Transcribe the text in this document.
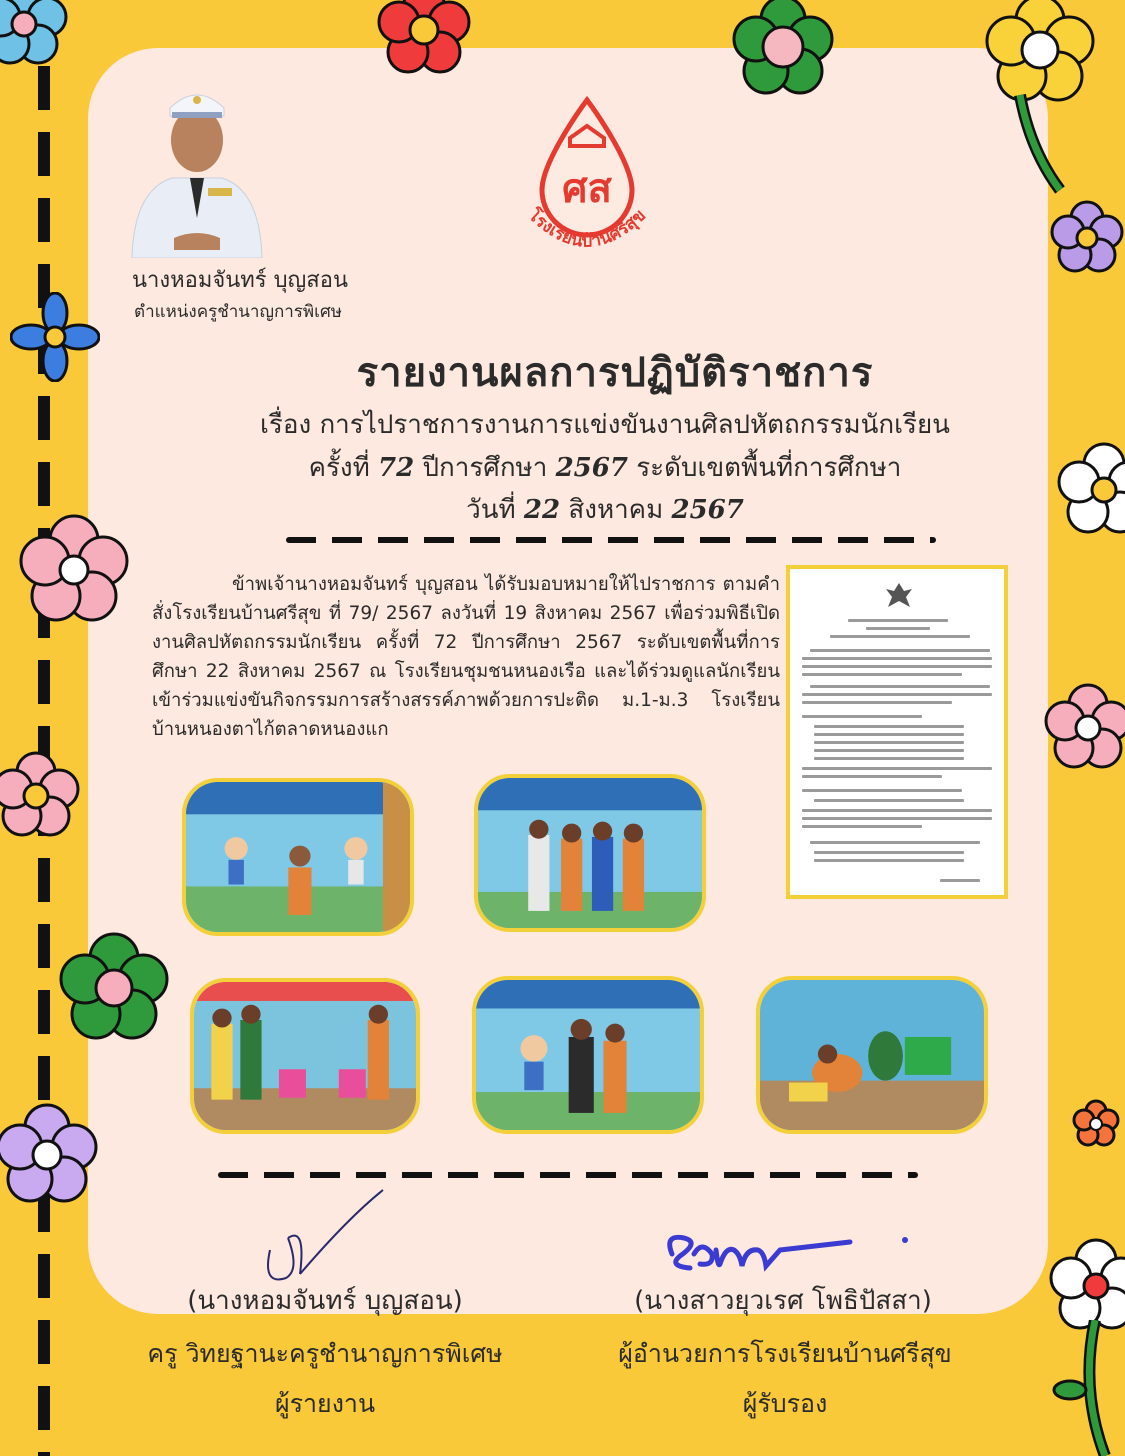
นางหอมจันทร์ บุญสอน
ตำแหน่งครูชำนาญการพิเศษ
ศส
โรงเรียนบ้านศรีสุข
รายงานผลการปฏิบัติราชการ
เรื่อง การไปราชการงานการแข่งขันงานศิลปหัตถกรรมนักเรียน
ครั้งที่ 72 ปีการศึกษา 2567 ระดับเขตพื้นที่การศึกษา
วันที่ 22 สิงหาคม 2567

ข้าพเจ้านางหอมจันทร์ บุญสอน ได้รับมอบหมายให้ไปราชการ ตามคำสั่งโรงเรียนบ้านศรีสุข ที่ 79/ 2567 ลงวันที่ 19 สิงหาคม 2567 เพื่อร่วมพิธีเปิดงานศิลปหัตถกรรมนักเรียน ครั้งที่ 72 ปีการศึกษา 2567 ระดับเขตพื้นที่การศึกษา 22 สิงหาคม 2567 ณ โรงเรียนชุมชนหนองเรือ และได้ร่วมดูแลนักเรียนเข้าร่วมแข่งขันกิจกรรมการสร้างสรรค์ภาพด้วยการปะติด ม.1-ม.3 โรงเรียนบ้านหนองตาไก้ตลาดหนองแก

(นางหอมจันทร์ บุญสอน)	(นางสาวยุวเรศ โพธิปัสสา)
ครู วิทยฐานะครูชำนาญการพิเศษ	ผู้อำนวยการโรงเรียนบ้านศรีสุข
ผู้รายงาน	ผู้รับรอง
